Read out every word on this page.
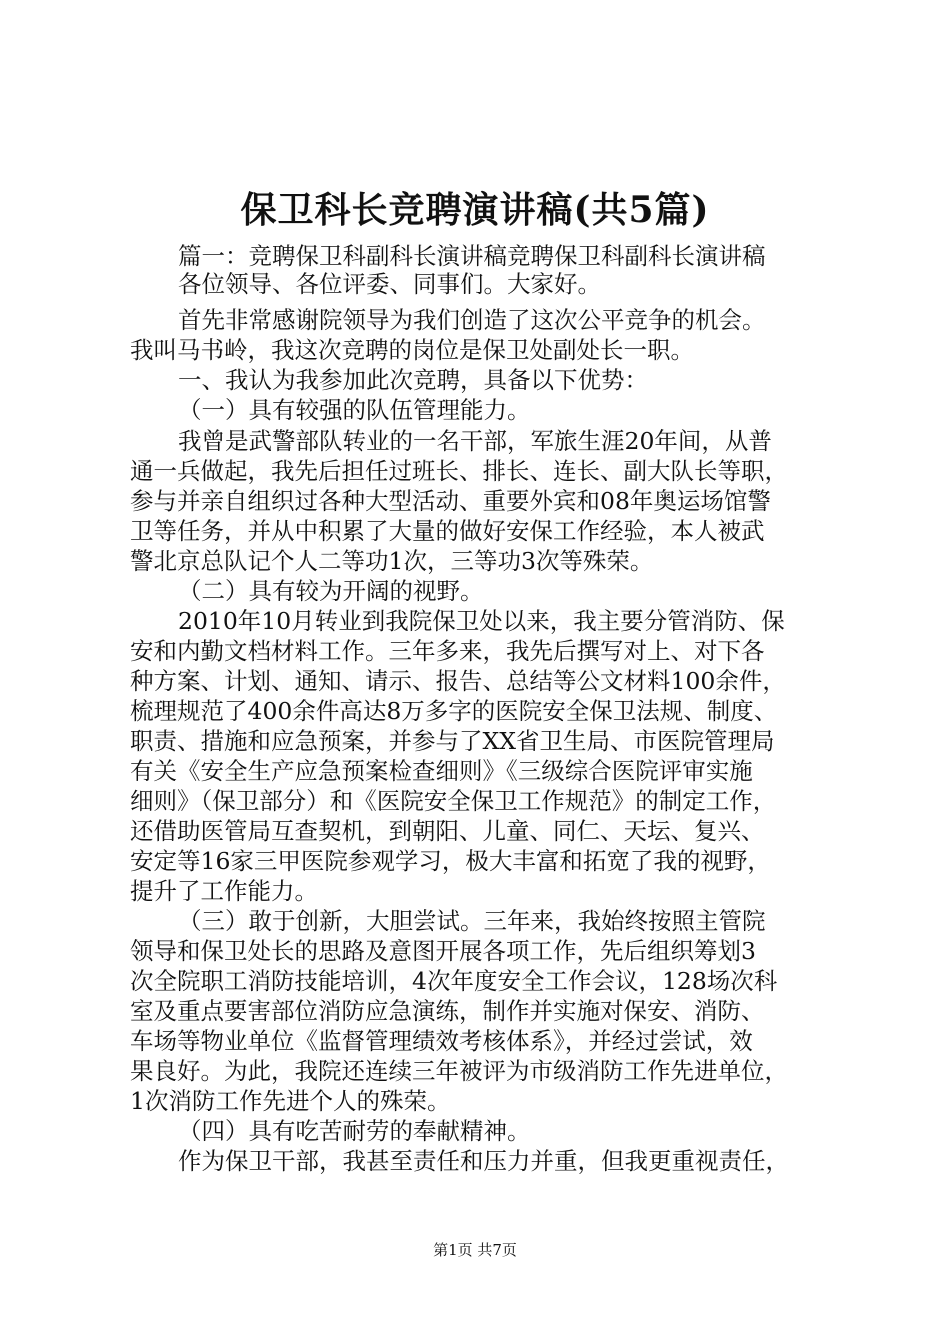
保卫科长竞聘演讲稿(共5篇)
篇一：竞聘保卫科副科长演讲稿竞聘保卫科副科长演讲稿
各位领导、各位评委、同事们。大家好。
首先非常感谢院领导为我们创造了这次公平竞争的机会。
我叫马书岭，我这次竞聘的岗位是保卫处副处长一职。
一、我认为我参加此次竞聘，具备以下优势：
（一）具有较强的队伍管理能力。
我曾是武警部队转业的一名干部，军旅生涯20年间，从普
通一兵做起，我先后担任过班长、排长、连长、副大队长等职，
参与并亲自组织过各种大型活动、重要外宾和08年奥运场馆警
卫等任务，并从中积累了大量的做好安保工作经验，本人被武
警北京总队记个人二等功1次，三等功3次等殊荣。
（二）具有较为开阔的视野。
2010年10月转业到我院保卫处以来，我主要分管消防、保
安和内勤文档材料工作。三年多来，我先后撰写对上、对下各
种方案、计划、通知、请示、报告、总结等公文材料100余件，
梳理规范了400余件高达8万多字的医院安全保卫法规、制度、
职责、措施和应急预案，并参与了XX省卫生局、市医院管理局
有关《安全生产应急预案检查细则》《三级综合医院评审实施
细则》（保卫部分）和《医院安全保卫工作规范》的制定工作，
还借助医管局互查契机，到朝阳、儿童、同仁、天坛、复兴、
安定等16家三甲医院参观学习，极大丰富和拓宽了我的视野，
提升了工作能力。
（三）敢于创新，大胆尝试。三年来，我始终按照主管院
领导和保卫处长的思路及意图开展各项工作，先后组织筹划3
次全院职工消防技能培训，4次年度安全工作会议，128场次科
室及重点要害部位消防应急演练，制作并实施对保安、消防、
车场等物业单位《监督管理绩效考核体系》，并经过尝试，效
果良好。为此，我院还连续三年被评为市级消防工作先进单位，
1次消防工作先进个人的殊荣。
（四）具有吃苦耐劳的奉献精神。
作为保卫干部，我甚至责任和压力并重，但我更重视责任，
第1页 共7页
